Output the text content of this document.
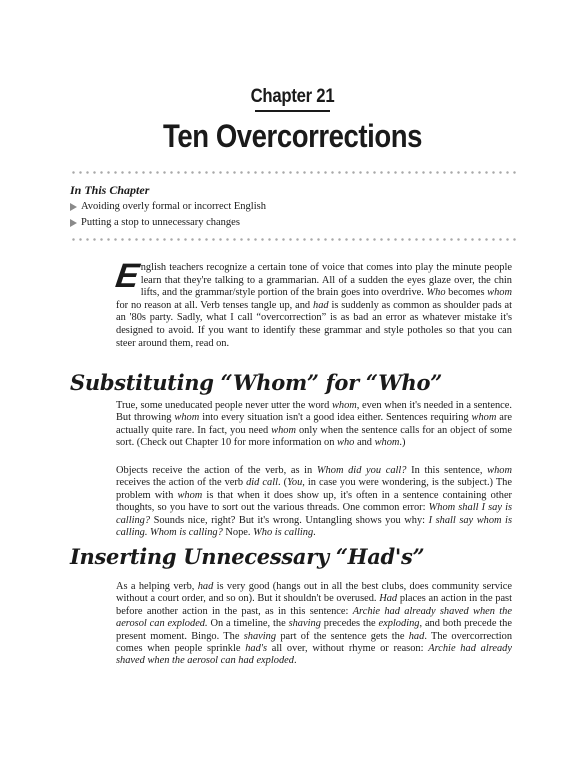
Chapter 21
Ten Overcorrections
In This Chapter
Avoiding overly formal or incorrect English
Putting a stop to unnecessary changes

English teachers recognize a certain tone of voice that comes into play the minute people learn that they're talking to a grammarian. All of a sudden the eyes glaze over, the chin lifts, and the grammar/style portion of the brain goes into overdrive. Who becomes whom for no reason at all. Verb tenses tangle up, and had is suddenly as common as shoulder pads at an '80s party. Sadly, what I call “overcorrection” is as bad an error as whatever mistake it's designed to avoid. If you want to identify these grammar and style potholes so that you can steer around them, read on.

Substituting “Whom” for “Who”

True, some uneducated people never utter the word whom, even when it's needed in a sentence. But throwing whom into every situation isn't a good idea either. Sentences requiring whom are actually quite rare. In fact, you need whom only when the sentence calls for an object of some sort. (Check out Chapter 10 for more information on who and whom.)

Objects receive the action of the verb, as in Whom did you call? In this sentence, whom receives the action of the verb did call. (You, in case you were wondering, is the subject.) The problem with whom is that when it does show up, it's often in a sentence containing other thoughts, so you have to sort out the various threads. One common error: Whom shall I say is calling? Sounds nice, right? But it's wrong. Untangling shows you why: I shall say whom is calling. Whom is calling? Nope. Who is calling.

Inserting Unnecessary “Had's”

As a helping verb, had is very good (hangs out in all the best clubs, does community service without a court order, and so on). But it shouldn't be overused. Had places an action in the past before another action in the past, as in this sentence: Archie had already shaved when the aerosol can exploded. On a timeline, the shaving precedes the exploding, and both precede the present moment. Bingo. The shaving part of the sentence gets the had. The overcorrection comes when people sprinkle had's all over, without rhyme or reason: Archie had already shaved when the aerosol can had exploded.
